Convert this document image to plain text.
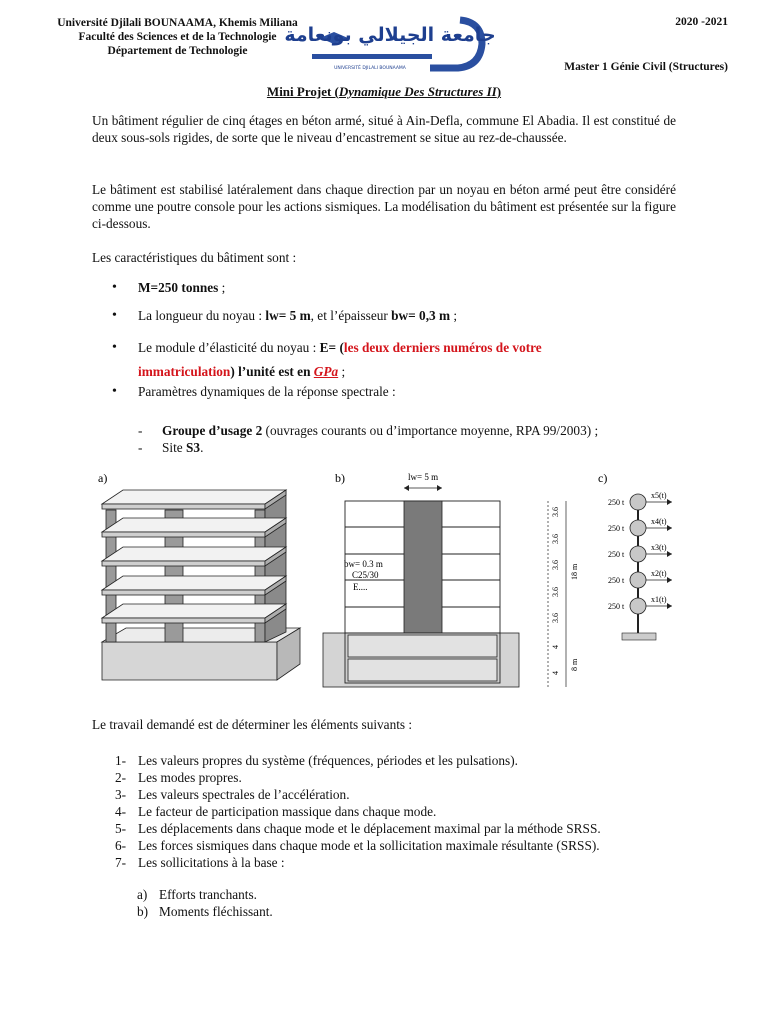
Université Djilali BOUNAAMA, Khemis Miliana
Faculté des Sciences et de la Technologie
Département de Technologie
جامعة الجيلالي بونعامة
UNIVERSITÉ DJILALI BOUNAAMA
2020 -2021
Master 1 Génie Civil (Structures)
Mini Projet (Dynamique Des Structures II)
Un bâtiment régulier de cinq étages en béton armé, situé à Ain-Defla, commune El Abadia. Il est constitué de deux sous-sols rigides, de sorte que le niveau d’encastrement se situe au rez-de-chaussée.
Le bâtiment est stabilisé latéralement dans chaque direction par un noyau en béton armé peut être considéré comme une poutre console pour les actions sismiques. La modélisation du bâtiment est présentée sur la figure ci-dessous.
Les caractéristiques du bâtiment sont :
• M=250 tonnes ;
• La longueur du noyau : lw= 5 m, et l’épaisseur bw= 0,3 m ;
• Le module d’élasticité du noyau : E= (les deux derniers numéros de votre
immatriculation) l’unité est en GPa ;
• Paramètres dynamiques de la réponse spectrale :
- Groupe d’usage 2 (ouvrages courants ou d’importance moyenne, RPA 99/2003) ;
- Site S3.
a)	b)	lw= 5 m
bw= 0.3 m
C25/30
E....
3.6
3.6
3.6
3.6
3.6
4
4
18 m
8 m
c)
250 t
250 t
250 t
250 t
250 t
x5(t)
x4(t)
x3(t)
x2(t)
x1(t)
Le travail demandé est de déterminer les éléments suivants :
1- Les valeurs propres du système (fréquences, périodes et les pulsations).
2- Les modes propres.
3- Les valeurs spectrales de l’accélération.
4- Le facteur de participation massique dans chaque mode.
5- Les déplacements dans chaque mode et le déplacement maximal par la méthode SRSS.
6- Les forces sismiques dans chaque mode et la sollicitation maximale résultante (SRSS).
7- Les sollicitations à la base :
a) Efforts tranchants.
b) Moments fléchissant.
